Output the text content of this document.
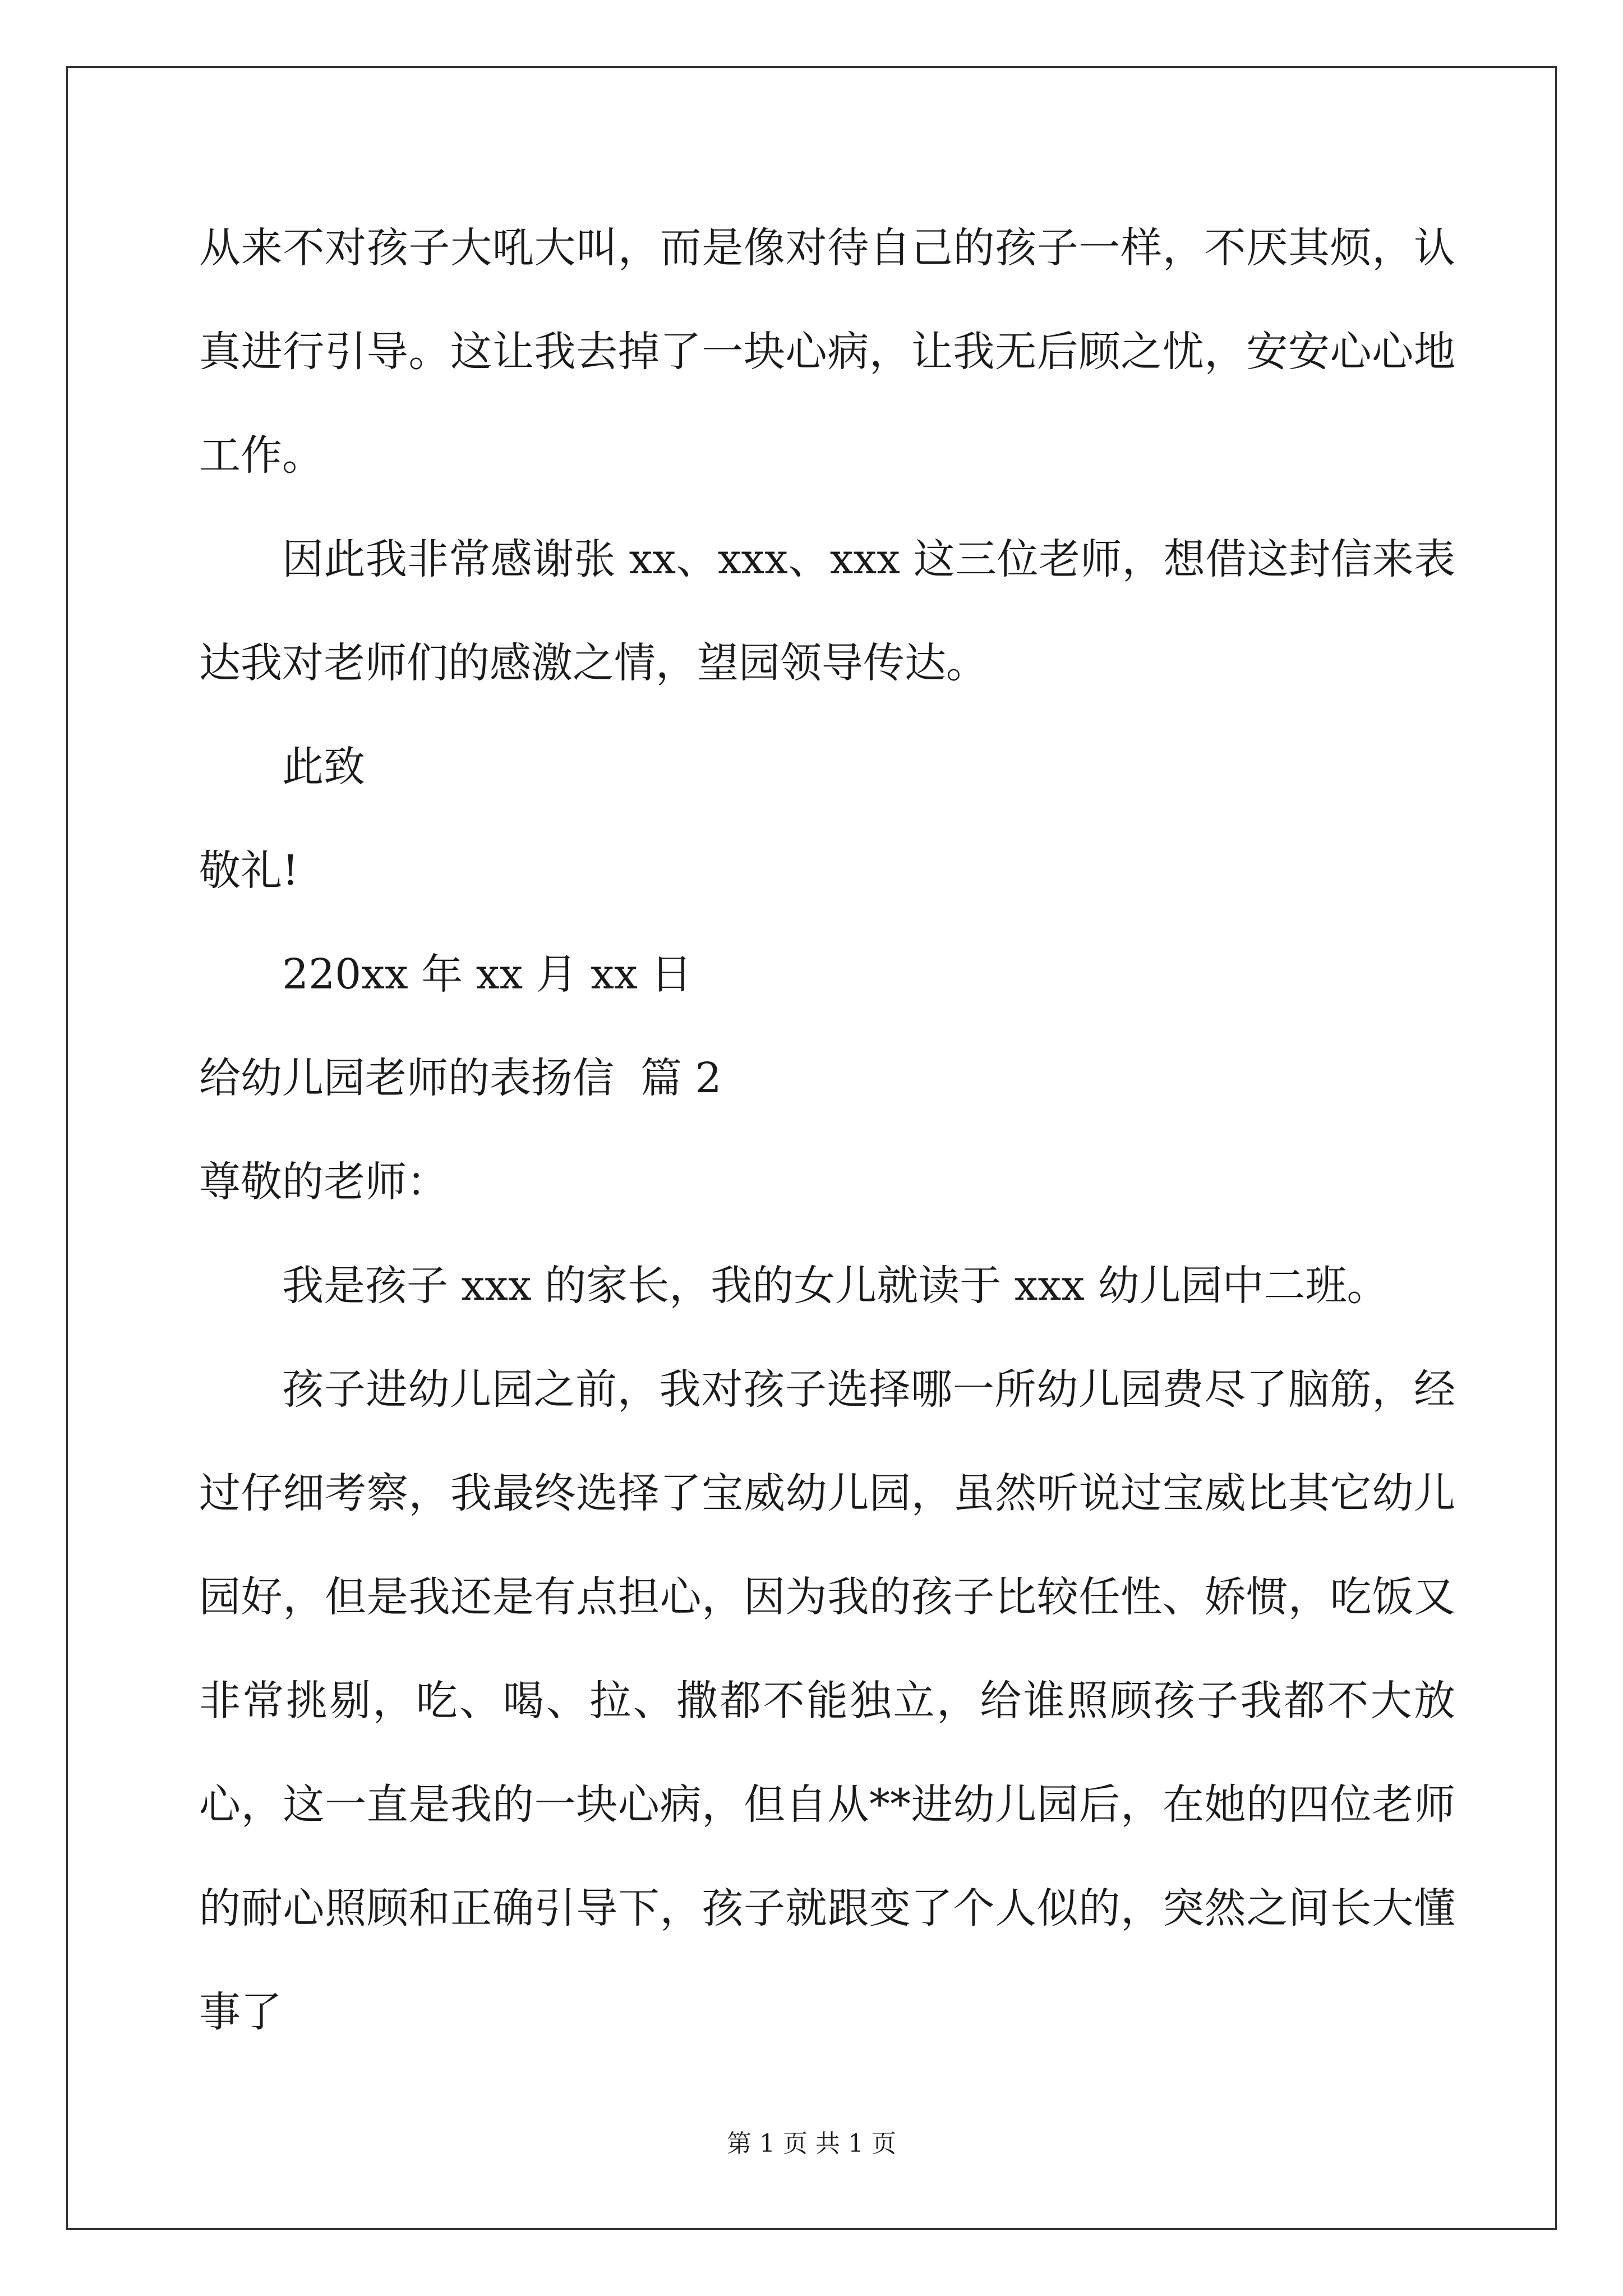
从来不对孩子大吼大叫，而是像对待自己的孩子一样，不厌其烦，认真进行引导。这让我去掉了一块心病，让我无后顾之忧，安安心心地工作。

因此我非常感谢张 xx、xxx、xxx 这三位老师，想借这封信来表达我对老师们的感激之情，望园领导传达。

此致

敬礼!

220xx 年 xx 月 xx 日

给幼儿园老师的表扬信  篇 2

尊敬的老师：

我是孩子 xxx 的家长，我的女儿就读于 xxx 幼儿园中二班。

孩子进幼儿园之前，我对孩子选择哪一所幼儿园费尽了脑筋，经过仔细考察，我最终选择了宝威幼儿园，虽然听说过宝威比其它幼儿园好，但是我还是有点担心，因为我的孩子比较任性、娇惯，吃饭又非常挑剔，吃、喝、拉、撒都不能独立，给谁照顾孩子我都不大放心，这一直是我的一块心病，但自从**进幼儿园后，在她的四位老师的耐心照顾和正确引导下，孩子就跟变了个人似的，突然之间长大懂事了

第 1 页 共 1 页
